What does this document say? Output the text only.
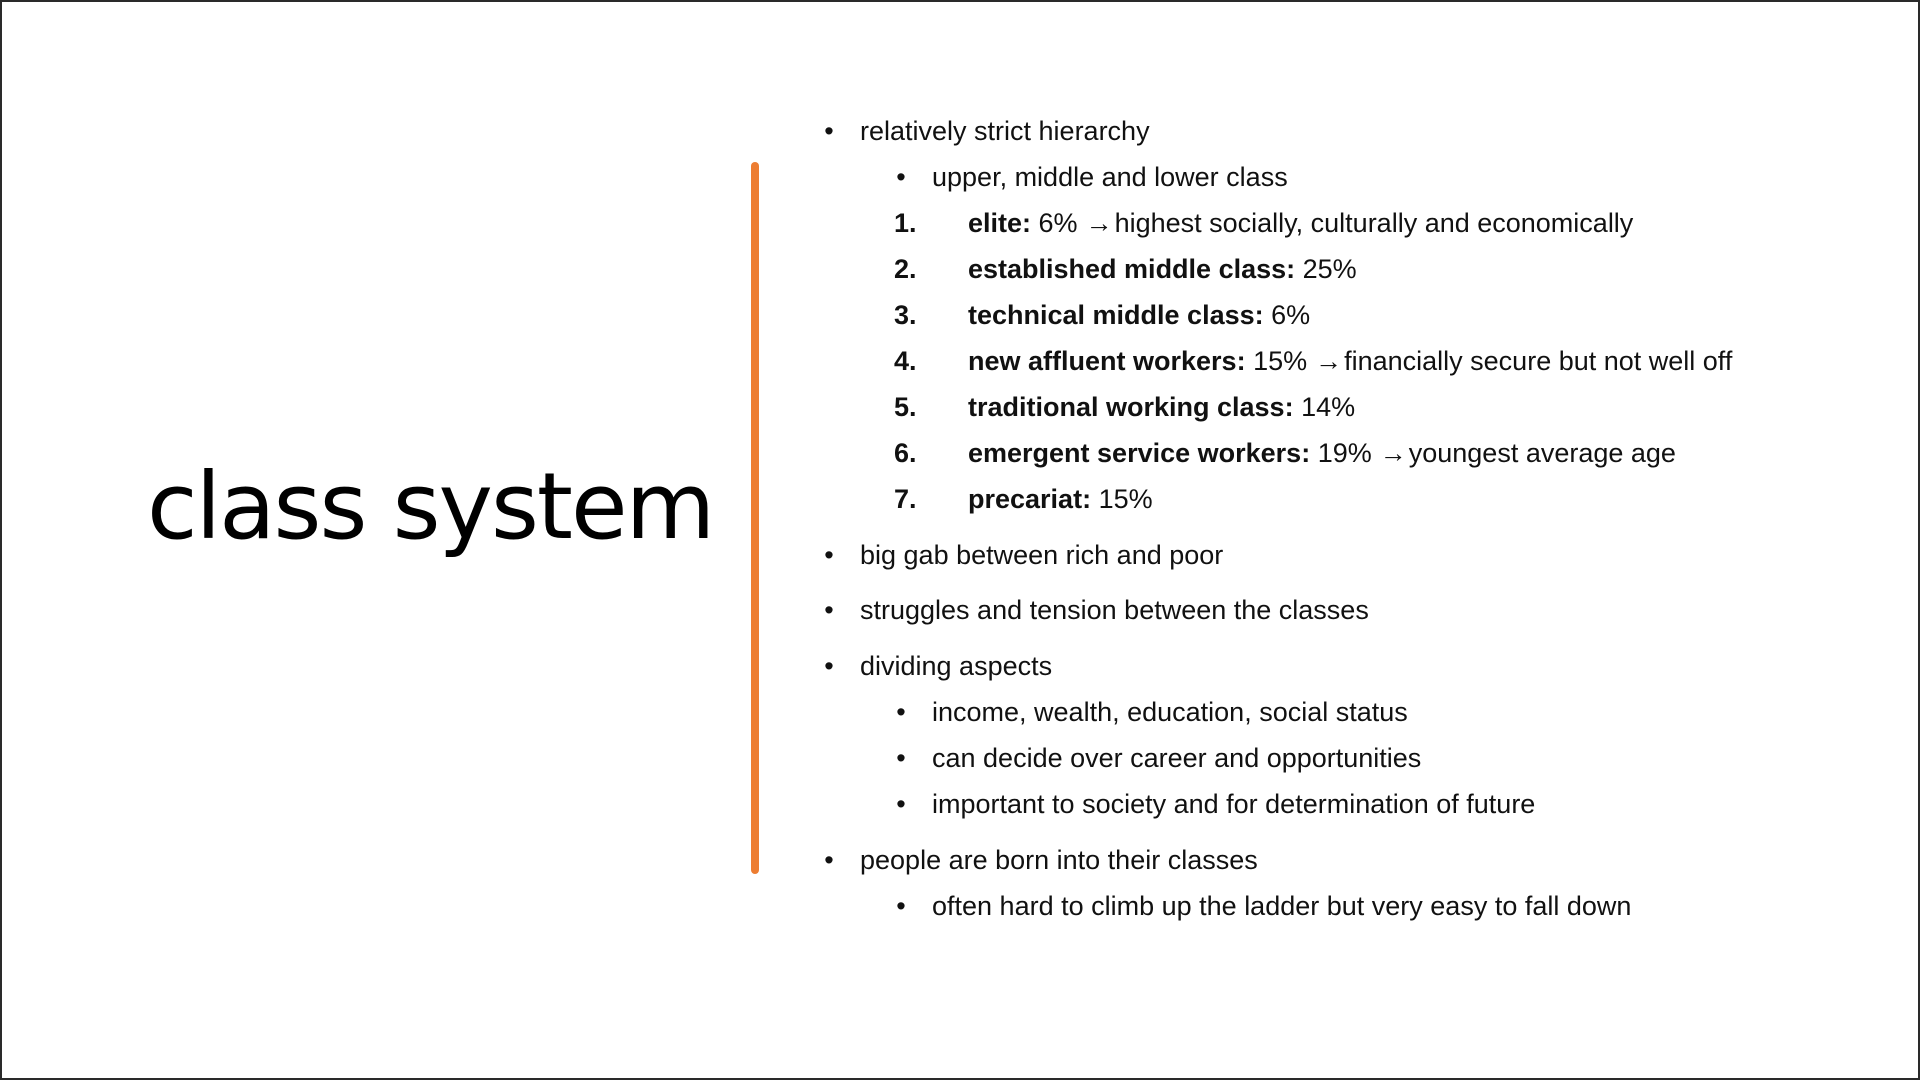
class system
• relatively strict hierarchy
• upper, middle and lower class
1. elite: 6% →highest socially, culturally and economically
2. established middle class: 25%
3. technical middle class: 6%
4. new affluent workers: 15% →financially secure but not well off
5. traditional working class: 14%
6. emergent service workers: 19% →youngest average age
7. precariat: 15%
• big gab between rich and poor
• struggles and tension between the classes
• dividing aspects
• income, wealth, education, social status
• can decide over career and opportunities
• important to society and for determination of future
• people are born into their classes
• often hard to climb up the ladder but very easy to fall down
